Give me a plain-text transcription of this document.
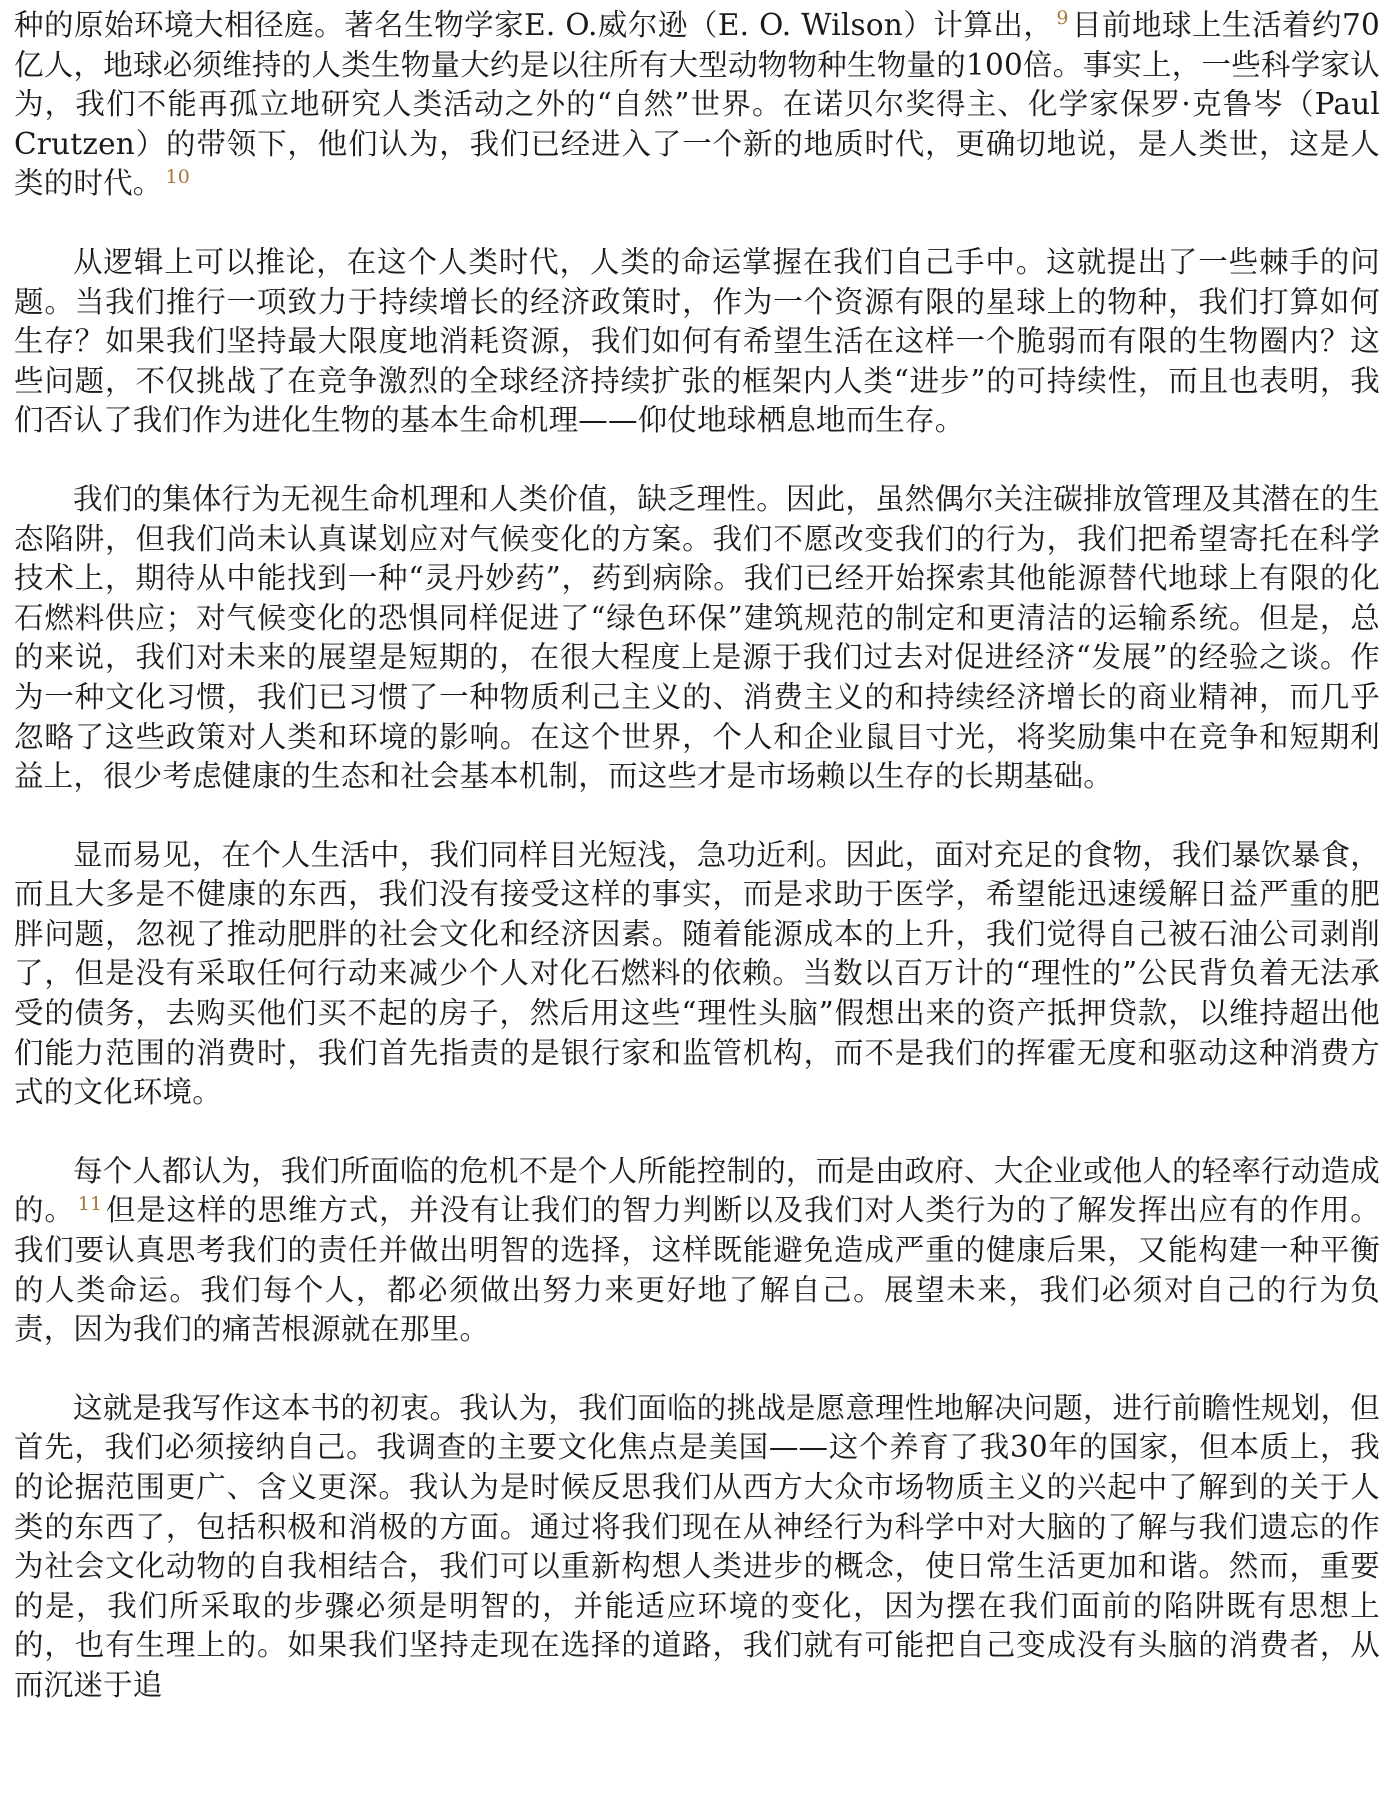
种的原始环境大相径庭。著名生物学家E. O.威尔逊（E. O. Wilson）计算出， $^9$ 目前地球上生活着约70亿人，地球必须维持的人类生物量大约是以往所有大型动物物种生物量的100倍。事实上，一些科学家认为，我们不能再孤立地研究人类活动之外的“自然”世界。在诺贝尔奖得主、化学家保罗·克鲁岑（Paul Crutzen）的带领下，他们认为，我们已经进入了一个新的地质时代，更确切地说，是人类世，这是人类的时代。 $^{10}$

从逻辑上可以推论，在这个人类时代，人类的命运掌握在我们自己手中。这就提出了一些棘手的问题。当我们推行一项致力于持续增长的经济政策时，作为一个资源有限的星球上的物种，我们打算如何生存？如果我们坚持最大限度地消耗资源，我们如何有希望生活在这样一个脆弱而有限的生物圈内？这些问题，不仅挑战了在竞争激烈的全球经济持续扩张的框架内人类“进步”的可持续性，而且也表明，我们否认了我们作为进化生物的基本生命机理——仰仗地球栖息地而生存。

我们的集体行为无视生命机理和人类价值，缺乏理性。因此，虽然偶尔关注碳排放管理及其潜在的生态陷阱，但我们尚未认真谋划应对气候变化的方案。我们不愿改变我们的行为，我们把希望寄托在科学技术上，期待从中能找到一种“灵丹妙药”，药到病除。我们已经开始探索其他能源替代地球上有限的化石燃料供应；对气候变化的恐惧同样促进了“绿色环保”建筑规范的制定和更清洁的运输系统。但是，总的来说，我们对未来的展望是短期的，在很大程度上是源于我们过去对促进经济“发展”的经验之谈。作为一种文化习惯，我们已习惯了一种物质利己主义的、消费主义的和持续经济增长的商业精神，而几乎忽略了这些政策对人类和环境的影响。在这个世界，个人和企业鼠目寸光，将奖励集中在竞争和短期利益上，很少考虑健康的生态和社会基本机制，而这些才是市场赖以生存的长期基础。

显而易见，在个人生活中，我们同样目光短浅，急功近利。因此，面对充足的食物，我们暴饮暴食，而且大多是不健康的东西，我们没有接受这样的事实，而是求助于医学，希望能迅速缓解日益严重的肥胖问题，忽视了推动肥胖的社会文化和经济因素。随着能源成本的上升，我们觉得自己被石油公司剥削了，但是没有采取任何行动来减少个人对化石燃料的依赖。当数以百万计的“理性的”公民背负着无法承受的债务，去购买他们买不起的房子，然后用这些“理性头脑”假想出来的资产抵押贷款，以维持超出他们能力范围的消费时，我们首先指责的是银行家和监管机构，而不是我们的挥霍无度和驱动这种消费方式的文化环境。

每个人都认为，我们所面临的危机不是个人所能控制的，而是由政府、大企业或他人的轻率行动造成的。 $^{11}$ 但是这样的思维方式，并没有让我们的智力判断以及我们对人类行为的了解发挥出应有的作用。我们要认真思考我们的责任并做出明智的选择，这样既能避免造成严重的健康后果，又能构建一种平衡的人类命运。我们每个人，都必须做出努力来更好地了解自己。展望未来，我们必须对自己的行为负责，因为我们的痛苦根源就在那里。

这就是我写作这本书的初衷。我认为，我们面临的挑战是愿意理性地解决问题，进行前瞻性规划，但首先，我们必须接纳自己。我调查的主要文化焦点是美国——这个养育了我30年的国家，但本质上，我的论据范围更广、含义更深。我认为是时候反思我们从西方大众市场物质主义的兴起中了解到的关于人类的东西了，包括积极和消极的方面。通过将我们现在从神经行为科学中对大脑的了解与我们遗忘的作为社会文化动物的自我相结合，我们可以重新构想人类进步的概念，使日常生活更加和谐。然而，重要的是，我们所采取的步骤必须是明智的，并能适应环境的变化，因为摆在我们面前的陷阱既有思想上的，也有生理上的。如果我们坚持走现在选择的道路，我们就有可能把自己变成没有头脑的消费者，从而沉迷于追
